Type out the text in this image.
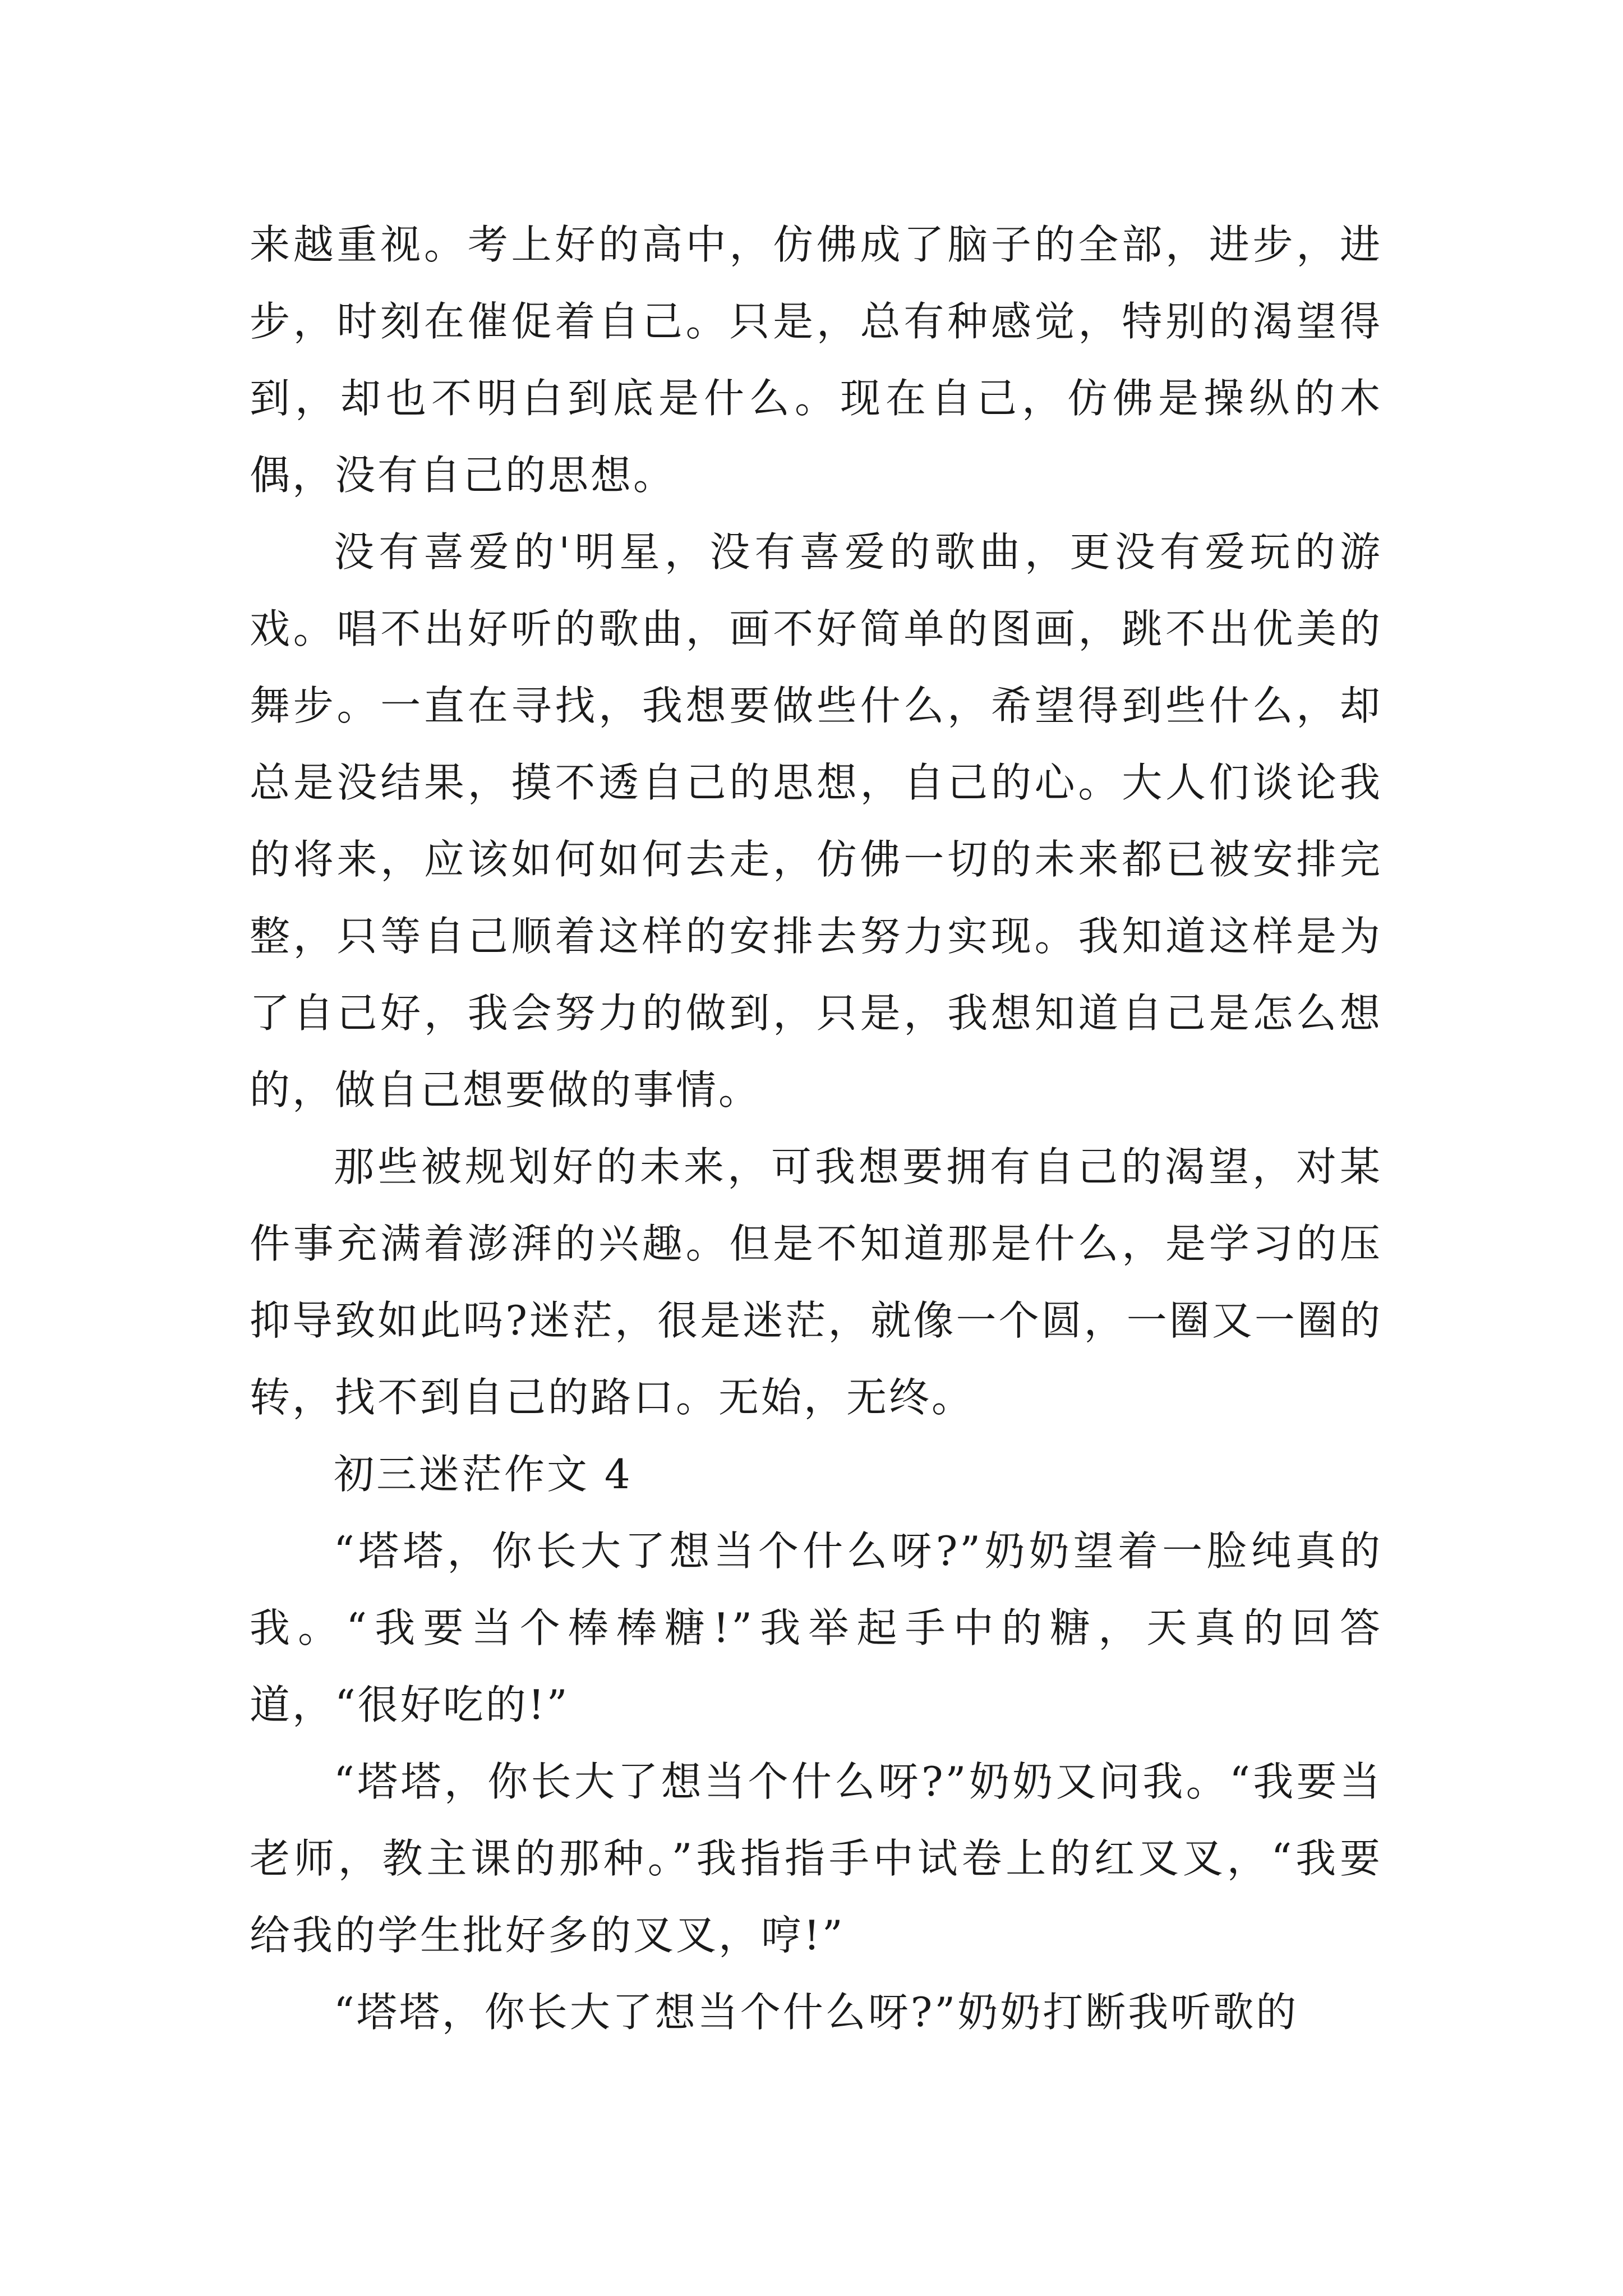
来越重视。考上好的高中，仿佛成了脑子的全部，进步，进步，时刻在催促着自己。只是，总有种感觉，特别的渴望得到，却也不明白到底是什么。现在自己，仿佛是操纵的木偶，没有自己的思想。

没有喜爱的'明星，没有喜爱的歌曲，更没有爱玩的游戏。唱不出好听的歌曲，画不好简单的图画，跳不出优美的舞步。一直在寻找，我想要做些什么，希望得到些什么，却总是没结果，摸不透自己的思想，自己的心。大人们谈论我的将来，应该如何如何去走，仿佛一切的未来都已被安排完整，只等自己顺着这样的安排去努力实现。我知道这样是为了自己好，我会努力的做到，只是，我想知道自己是怎么想的，做自己想要做的事情。

那些被规划好的未来，可我想要拥有自己的渴望，对某件事充满着澎湃的兴趣。但是不知道那是什么，是学习的压抑导致如此吗?迷茫，很是迷茫，就像一个圆，一圈又一圈的转，找不到自己的路口。无始，无终。

初三迷茫作文 4

“塔塔，你长大了想当个什么呀?”奶奶望着一脸纯真的我。“我要当个棒棒糖!”我举起手中的糖，天真的回答道，“很好吃的!”

“塔塔，你长大了想当个什么呀?”奶奶又问我。“我要当老师，教主课的那种。”我指指手中试卷上的红叉叉，“我要给我的学生批好多的叉叉，哼!”

“塔塔，你长大了想当个什么呀?”奶奶打断我听歌的
